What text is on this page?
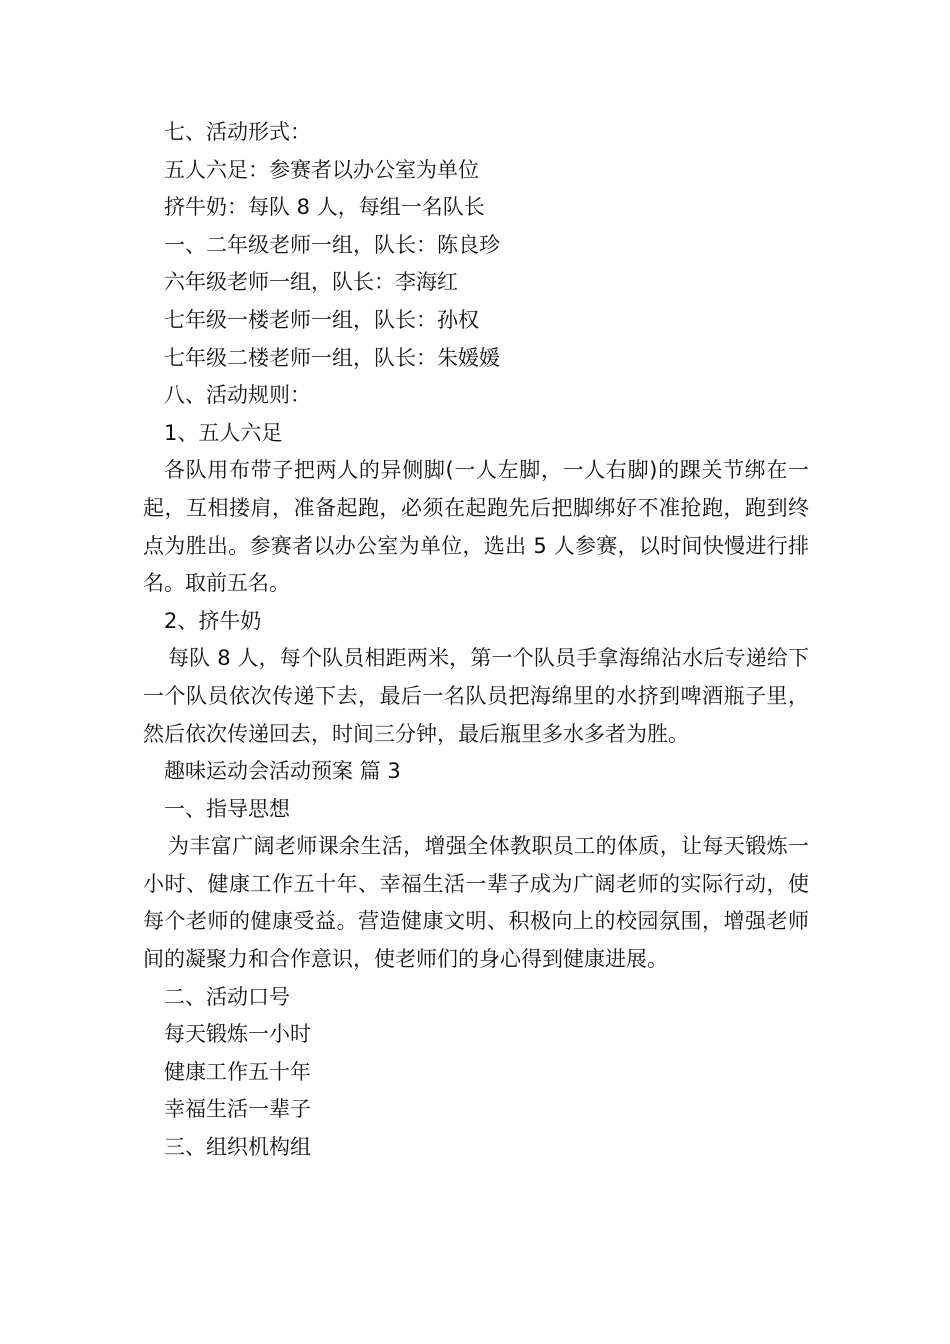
七、活动形式：
五人六足：参赛者以办公室为单位
挤牛奶：每队 8 人，每组一名队长
一、二年级老师一组，队长：陈良珍
六年级老师一组，队长：李海红
七年级一楼老师一组，队长：孙权
七年级二楼老师一组，队长：朱媛媛
八、活动规则：
1、五人六足

各队用布带子把两人的异侧脚(一人左脚，一人右脚)的踝关节绑在一起，互相搂肩，准备起跑，必须在起跑先后把脚绑好不准抢跑，跑到终点为胜出。参赛者以办公室为单位，选出 5 人参赛，以时间快慢进行排名。取前五名。

2、挤牛奶

每队 8 人，每个队员相距两米，第一个队员手拿海绵沾水后专递给下一个队员依次传递下去，最后一名队员把海绵里的水挤到啤酒瓶子里，然后依次传递回去，时间三分钟，最后瓶里多水多者为胜。

趣味运动会活动预案 篇 3
一、指导思想

为丰富广阔老师课余生活，增强全体教职员工的体质，让每天锻炼一小时、健康工作五十年、幸福生活一辈子成为广阔老师的实际行动，使每个老师的健康受益。营造健康文明、积极向上的校园氛围，增强老师间的凝聚力和合作意识，使老师们的身心得到健康进展。

二、活动口号
每天锻炼一小时
健康工作五十年
幸福生活一辈子
三、组织机构组
